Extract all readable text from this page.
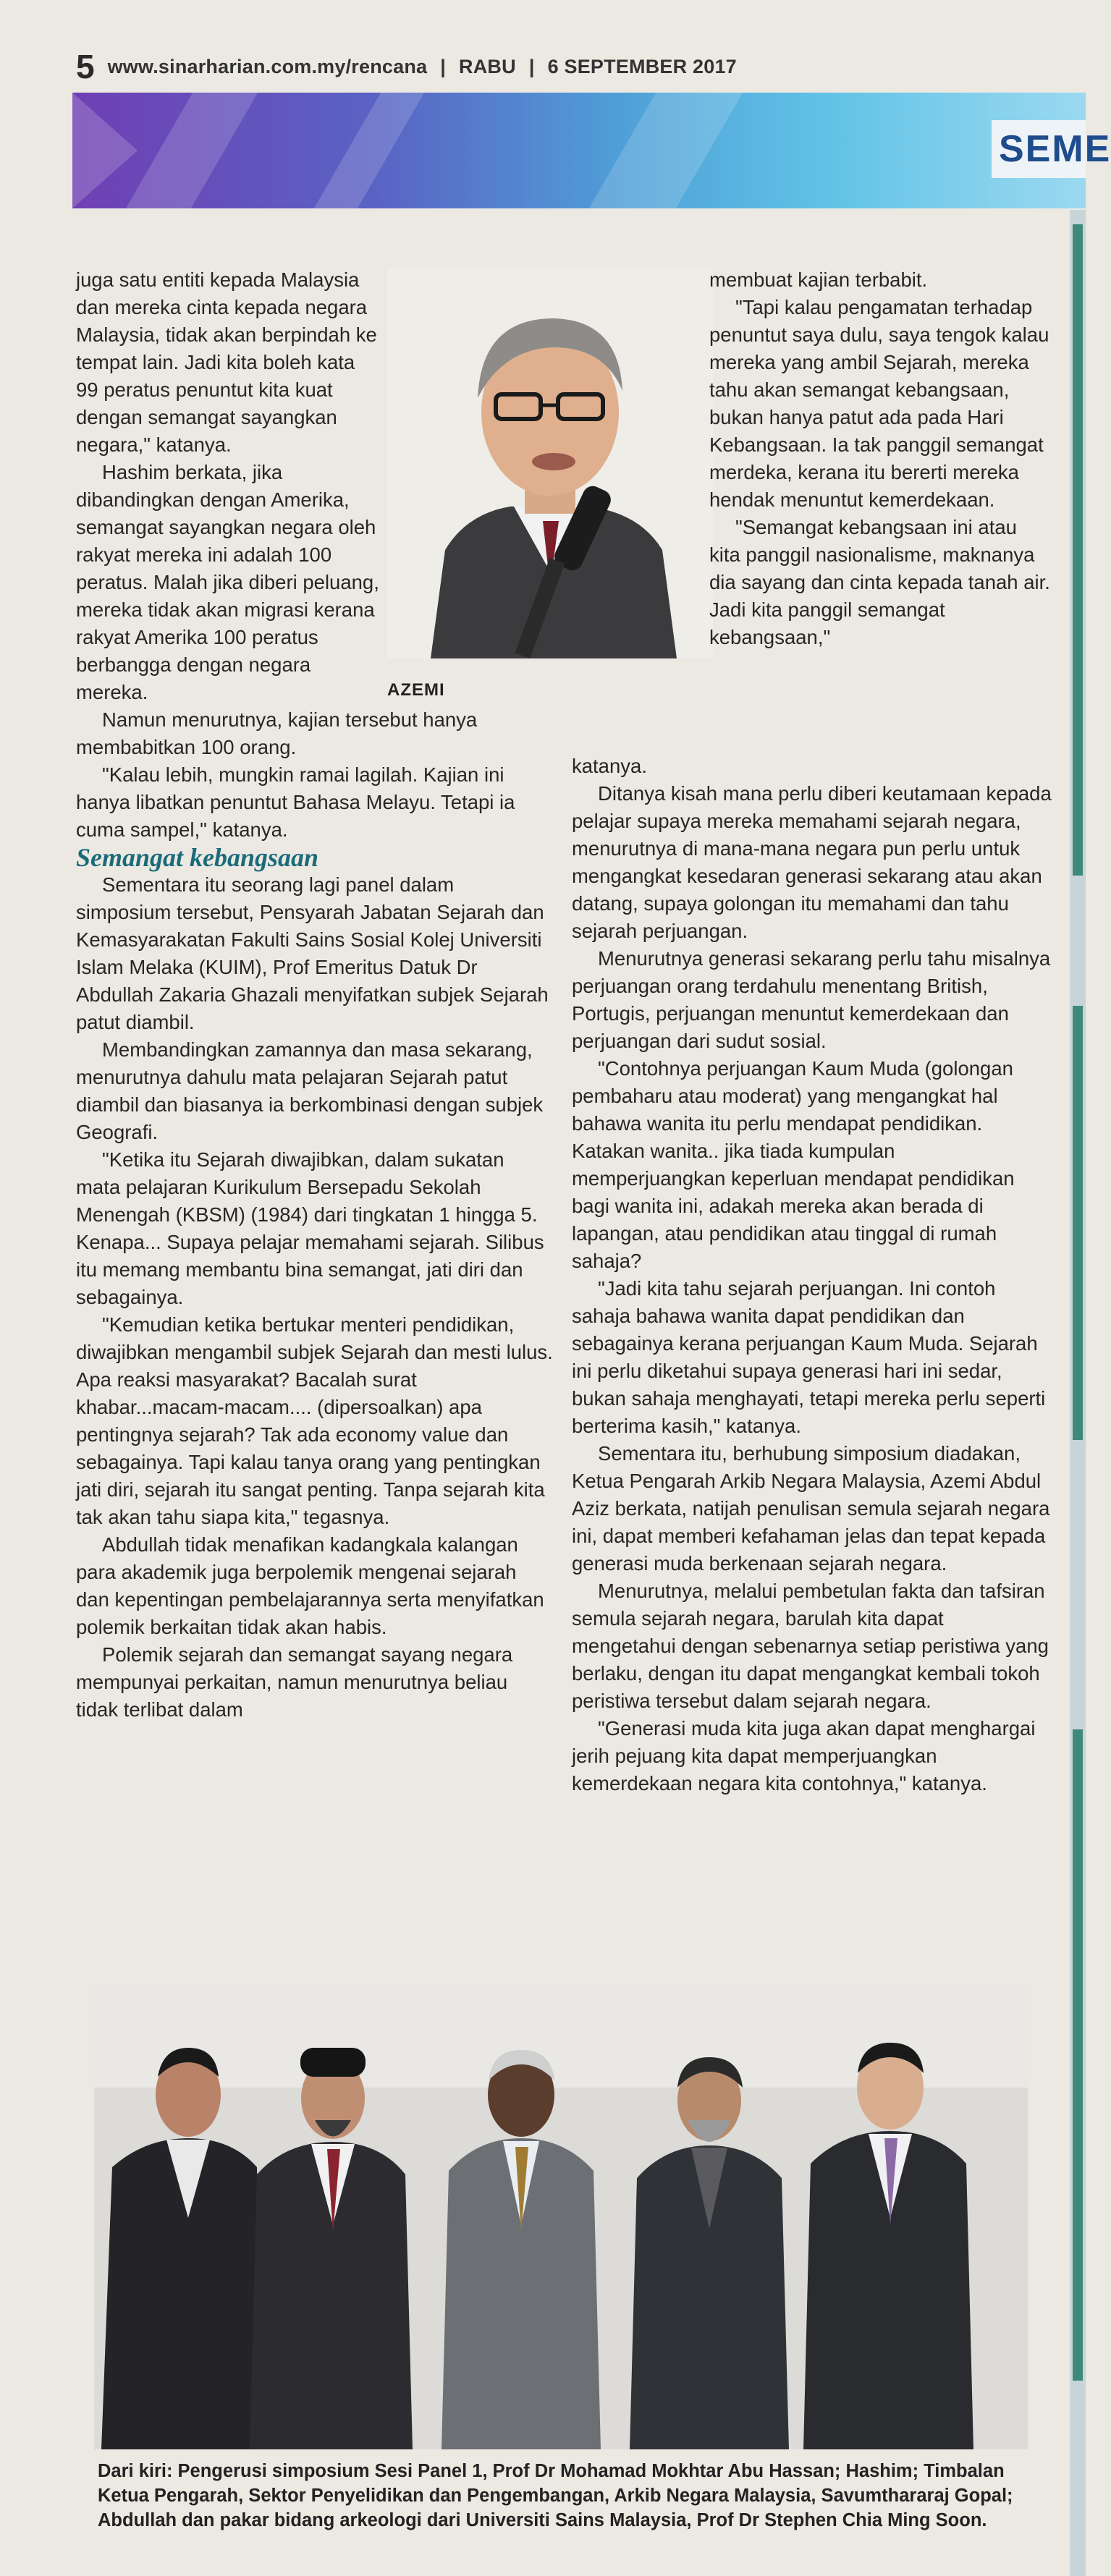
5 www.sinarharian.com.my/rencana | RABU | 6 SEPTEMBER 2017
SEME

juga satu entiti kepada Malaysia dan mereka cinta kepada negara Malaysia, tidak akan berpindah ke tempat lain. Jadi kita boleh kata 99 peratus penuntut kita kuat dengan semangat sayangkan negara," katanya.

Hashim berkata, jika dibandingkan dengan Amerika, semangat sayangkan negara oleh rakyat mereka ini adalah 100 peratus. Malah jika diberi peluang, mereka tidak akan migrasi kerana rakyat Amerika 100 peratus berbangga dengan negara mereka.

Namun menurutnya, kajian tersebut hanya membabitkan 100 orang.

"Kalau lebih, mungkin ramai lagilah. Kajian ini hanya libatkan penuntut Bahasa Melayu. Tetapi ia cuma sampel," katanya.

Semangat kebangsaan

Sementara itu seorang lagi panel dalam simposium tersebut, Pensyarah Jabatan Sejarah dan Kemasyarakatan Fakulti Sains Sosial Kolej Universiti Islam Melaka (KUIM), Prof Emeritus Datuk Dr Abdullah Zakaria Ghazali menyifatkan subjek Sejarah patut diambil.

Membandingkan zamannya dan masa sekarang, menurutnya dahulu mata pelajaran Sejarah patut diambil dan biasanya ia berkombinasi dengan subjek Geografi.

"Ketika itu Sejarah diwajibkan, dalam sukatan mata pelajaran Kurikulum Bersepadu Sekolah Menengah (KBSM) (1984) dari tingkatan 1 hingga 5. Kenapa... Supaya pelajar memahami sejarah. Silibus itu memang membantu bina semangat, jati diri dan sebagainya.

"Kemudian ketika bertukar menteri pendidikan, diwajibkan mengambil subjek Sejarah dan mesti lulus. Apa reaksi masyarakat? Bacalah surat khabar...macam-macam.... (dipersoalkan) apa pentingnya sejarah? Tak ada economy value dan sebagainya. Tapi kalau tanya orang yang pentingkan jati diri, sejarah itu sangat penting. Tanpa sejarah kita tak akan tahu siapa kita," tegasnya.

Abdullah tidak menafikan kadangkala kalangan para akademik juga berpolemik mengenai sejarah dan kepentingan pembelajarannya serta menyifatkan polemik berkaitan tidak akan habis.

Polemik sejarah dan semangat sayang negara mempunyai perkaitan, namun menurutnya beliau tidak terlibat dalam

AZEMI

membuat kajian terbabit.

"Tapi kalau pengamatan terhadap penuntut saya dulu, saya tengok kalau mereka yang ambil Sejarah, mereka tahu akan semangat kebangsaan, bukan hanya patut ada pada Hari Kebangsaan. Ia tak panggil semangat merdeka, kerana itu bererti mereka hendak menuntut kemerdekaan.

"Semangat kebangsaan ini atau kita panggil nasionalisme, maknanya dia sayang dan cinta kepada tanah air. Jadi kita panggil semangat kebangsaan,"

katanya.

Ditanya kisah mana perlu diberi keutamaan kepada pelajar supaya mereka memahami sejarah negara, menurutnya di mana-mana negara pun perlu untuk mengangkat kesedaran generasi sekarang atau akan datang, supaya golongan itu memahami dan tahu sejarah perjuangan.

Menurutnya generasi sekarang perlu tahu misalnya perjuangan orang terdahulu menentang British, Portugis, perjuangan menuntut kemerdekaan dan perjuangan dari sudut sosial.

"Contohnya perjuangan Kaum Muda (golongan pembaharu atau moderat) yang mengangkat hal bahawa wanita itu perlu mendapat pendidikan. Katakan wanita.. jika tiada kumpulan memperjuangkan keperluan mendapat pendidikan bagi wanita ini, adakah mereka akan berada di lapangan, atau pendidikan atau tinggal di rumah sahaja?

"Jadi kita tahu sejarah perjuangan. Ini contoh sahaja bahawa wanita dapat pendidikan dan sebagainya kerana perjuangan Kaum Muda. Sejarah ini perlu diketahui supaya generasi hari ini sedar, bukan sahaja menghayati, tetapi mereka perlu seperti berterima kasih," katanya.

Sementara itu, berhubung simposium diadakan, Ketua Pengarah Arkib Negara Malaysia, Azemi Abdul Aziz berkata, natijah penulisan semula sejarah negara ini, dapat memberi kefahaman jelas dan tepat kepada generasi muda berkenaan sejarah negara.

Menurutnya, melalui pembetulan fakta dan tafsiran semula sejarah negara, barulah kita dapat mengetahui dengan sebenarnya setiap peristiwa yang berlaku, dengan itu dapat mengangkat kembali tokoh peristiwa tersebut dalam sejarah negara.

"Generasi muda kita juga akan dapat menghargai jerih pejuang kita dapat memperjuangkan kemerdekaan negara kita contohnya," katanya.

Dari kiri: Pengerusi simposium Sesi Panel 1, Prof Dr Mohamad Mokhtar Abu Hassan; Hashim; Timbalan Ketua Pengarah, Sektor Penyelidikan dan Pengembangan, Arkib Negara Malaysia, Savumthararaj Gopal; Abdullah dan pakar bidang arkeologi dari Universiti Sains Malaysia, Prof Dr Stephen Chia Ming Soon.
